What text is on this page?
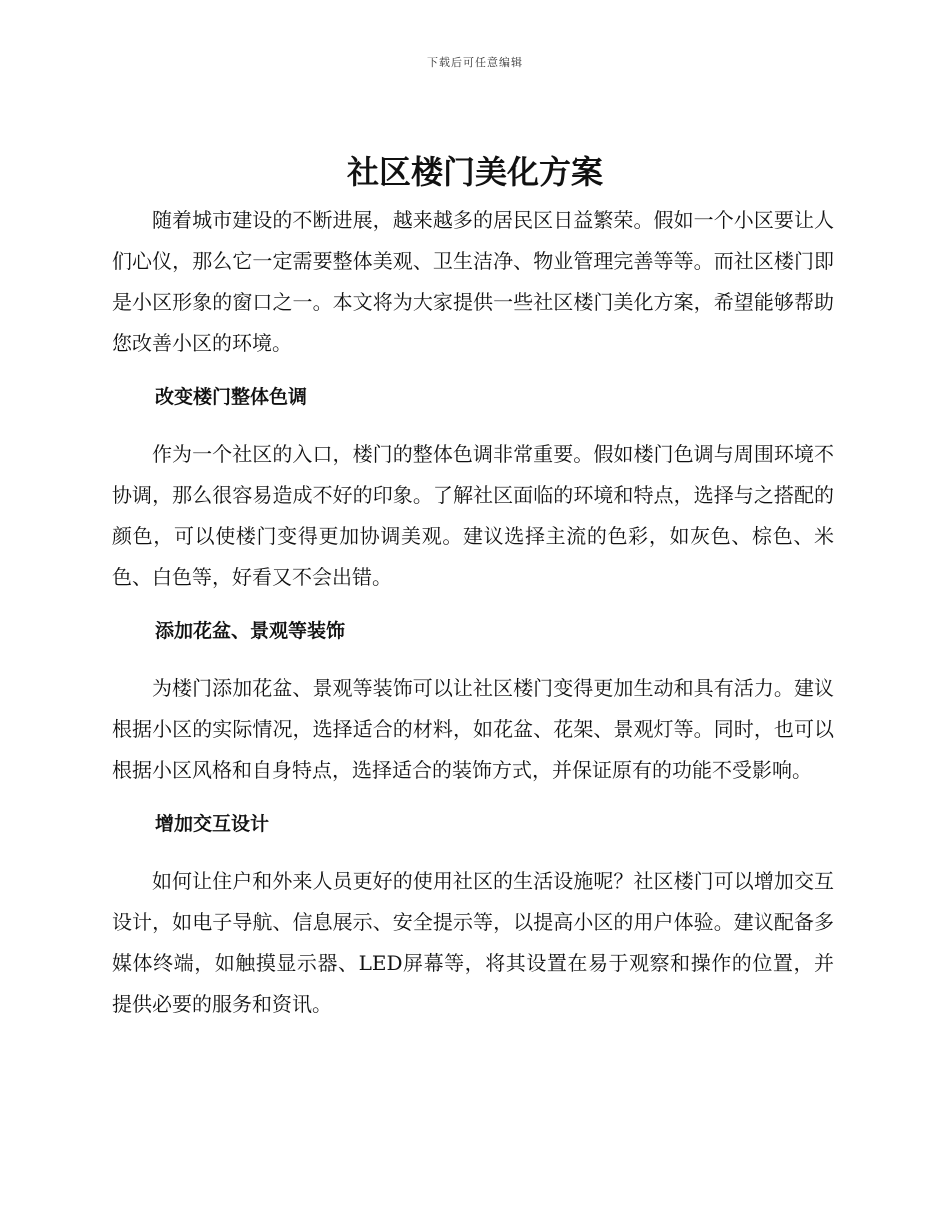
下载后可任意编辑
社区楼门美化方案

随着城市建设的不断进展，越来越多的居民区日益繁荣。假如一个小区要让人们心仪，那么它一定需要整体美观、卫生洁净、物业管理完善等等。而社区楼门即是小区形象的窗口之一。本文将为大家提供一些社区楼门美化方案，希望能够帮助您改善小区的环境。

改变楼门整体色调

作为一个社区的入口，楼门的整体色调非常重要。假如楼门色调与周围环境不协调，那么很容易造成不好的印象。了解社区面临的环境和特点，选择与之搭配的颜色，可以使楼门变得更加协调美观。建议选择主流的色彩，如灰色、棕色、米色、白色等，好看又不会出错。

添加花盆、景观等装饰

为楼门添加花盆、景观等装饰可以让社区楼门变得更加生动和具有活力。建议根据小区的实际情况，选择适合的材料，如花盆、花架、景观灯等。同时，也可以根据小区风格和自身特点，选择适合的装饰方式，并保证原有的功能不受影响。

增加交互设计

如何让住户和外来人员更好的使用社区的生活设施呢？社区楼门可以增加交互设计，如电子导航、信息展示、安全提示等，以提高小区的用户体验。建议配备多媒体终端，如触摸显示器、LED屏幕等，将其设置在易于观察和操作的位置，并提供必要的服务和资讯。
